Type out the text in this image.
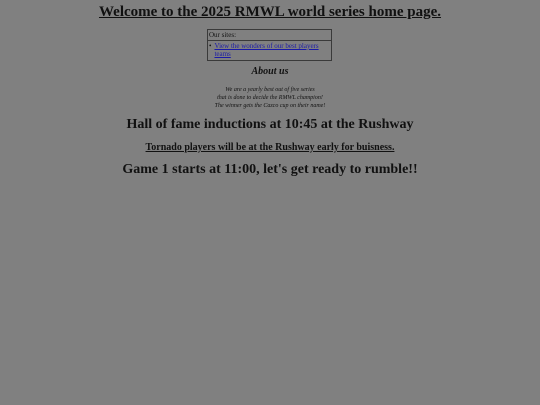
Welcome to the 2025 RMWL world series home page.
Our sites:
• View the wonders of our best players teams
About us

We are a yearly best out of five series
that is done to decide the RMWL champion!
The winner gets the Cazco cup on their name!

Hall of fame inductions at 10:45 at the Rushway
Tornado players will be at the Rushway early for buisness.
Game 1 starts at 11:00, let's get ready to rumble!!
